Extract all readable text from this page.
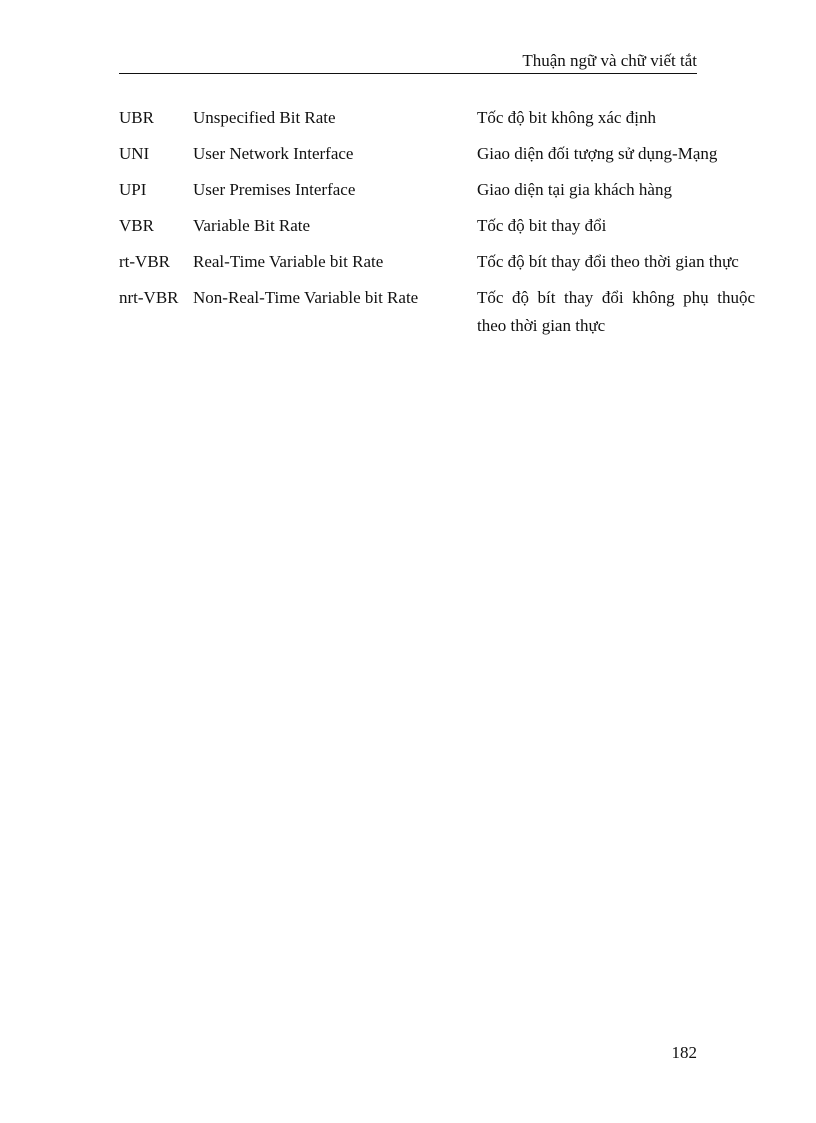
Thuận ngữ và chữ viết tắt
UBR	Unspecified Bit Rate	Tốc độ bit không xác định
UNI	User Network Interface	Giao diện đối tượng sử dụng-Mạng
UPI	User Premises Interface	Giao diện tại gia khách hàng
VBR	Variable Bit Rate	Tốc độ bit thay đổi
rt-VBR	Real-Time Variable bit Rate	Tốc độ bít thay đổi theo thời gian thực
nrt-VBR Non-Real-Time Variable bit Rate	Tốc độ bít thay đổi không phụ thuộc theo thời gian thực
182
